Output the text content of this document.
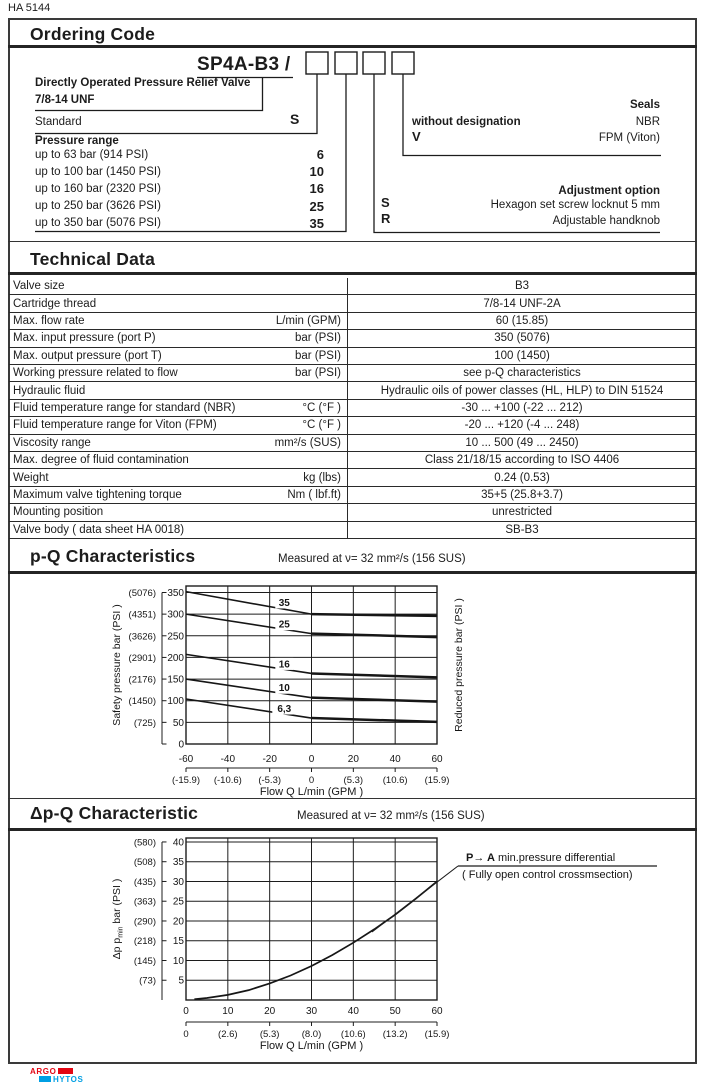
HA 5144
Ordering Code
SP4A-B3 /
Directly Operated Pressure Relief Valve
7/8-14 UNF
Standard	S
Pressure range
up to 63 bar (914 PSI)	6
up to 100 bar (1450 PSI)	10
up to 160 bar (2320 PSI)	16
up to 250 bar (3626 PSI)	25
up to 350 bar (5076 PSI)	35
Seals
without designation	NBR
V	FPM (Viton)
Adjustment option
S	Hexagon set screw locknut 5 mm
R	Adjustable handknob
Technical Data
Valve size	B3
Cartridge thread	7/8-14 UNF-2A
Max. flow rate	L/min (GPM)	60 (15.85)
Max. input pressure (port P)	bar (PSI)	350 (5076)
Max. output pressure (port T)	bar (PSI)	100 (1450)
Working pressure related to flow	bar (PSI)	see p-Q characteristics
Hydraulic fluid	Hydraulic oils of power classes (HL, HLP) to DIN 51524
Fluid temperature range for standard (NBR)	°C (°F )	-30 ... +100 (-22 ... 212)
Fluid temperature range for Viton (FPM)	°C (°F )	-20 ... +120 (-4 ... 248)
Viscosity range	mm²/s (SUS)	10 ... 500 (49 ... 2450)
Max. degree of fluid contamination	Class 21/18/15 according to ISO 4406
Weight	kg (lbs)	0.24 (0.53)
Maximum valve tightening torque	Nm ( lbf.ft)	35+5 (25.8+3.7)
Mounting position	unrestricted
Valve body ( data sheet HA 0018)	SB-B3
p-Q Characteristics	Measured at ν= 32 mm²/s (156 SUS)
0
50
(725)
100
(1450)
150
(2176)
200
(2901)
250
(3626)
300
(4351)
350
(5076)
-60
(-15.9)
-40
(-10.6)
-20
(-5.3)
0
0
20
(5.3)
40
(10.6)
60
(15.9)
Flow Q L/min (GPM )
Safety pressure bar (PSI )	Reduced pressure bar (PSI )
35
25
16
10
6,3
Δp-Q Characteristic	Measured at ν= 32 mm²/s (156 SUS)
5
(73)
10
(145)
15
(218)
20
(290)
25
(363)
30
(435)
35
(508)
40
(580)
0
0
10
(2.6)
20
(5.3)
30
(8.0)
40
(10.6)
50
(13.2)
60
(15.9)
Flow Q L/min (GPM )
Δp $p_{min}$ bar (PSI )
P→ A min.pressure differential
( Fully open control crossmsection)
ARGO
HYTOS
